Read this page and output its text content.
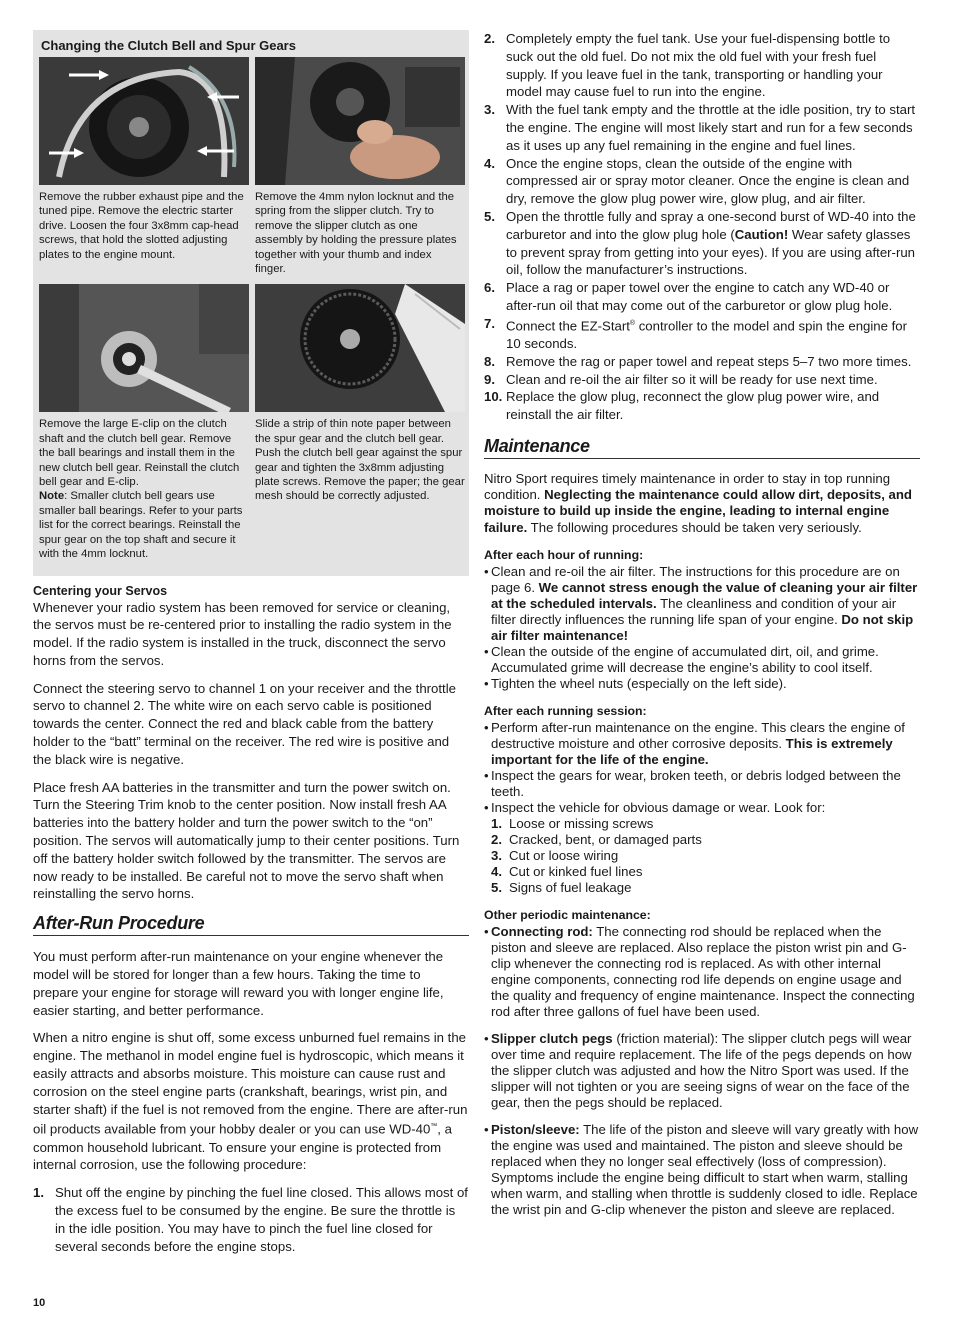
Changing the Clutch Bell and Spur Gears
Remove the rubber exhaust pipe and the tuned pipe. Remove the electric starter drive. Loosen the four 3x8mm cap-head screws, that hold the slotted adjusting plates to the engine mount.
Remove the 4mm nylon locknut and the spring from the slipper clutch. Try to remove the slipper clutch as one assembly by holding the pressure plates together with your thumb and index finger.
Remove the large E-clip on the clutch shaft and the clutch bell gear. Remove the ball bearings and install them in the new clutch bell gear. Reinstall the clutch bell gear and E-clip.
Note: Smaller clutch bell gears use smaller ball bearings. Refer to your parts list for the correct bearings. Reinstall the spur gear on the top shaft and secure it with the 4mm locknut.
Slide a strip of thin note paper between the spur gear and the clutch bell gear. Push the clutch bell gear against the spur gear and tighten the 3x8mm adjusting plate screws. Remove the paper; the gear mesh should be correctly adjusted.
Centering your Servos

Whenever your radio system has been removed for service or cleaning, the servos must be re-centered prior to installing the radio system in the model. If the radio system is installed in the truck, disconnect the servo horns from the servos.

Connect the steering servo to channel 1 on your receiver and the throttle servo to channel 2. The white wire on each servo cable is positioned towards the center. Connect the red and black cable from the battery holder to the “batt” terminal on the receiver. The red wire is positive and the black wire is negative.

Place fresh AA batteries in the transmitter and turn the power switch on. Turn the Steering Trim knob to the center position. Now install fresh AA batteries into the battery holder and turn the power switch to the “on” position. The servos will automatically jump to their center positions. Turn off the battery holder switch followed by the transmitter. The servos are now ready to be installed. Be careful not to move the servo shaft when reinstalling the servo horns.

After-Run Procedure

You must perform after-run maintenance on your engine whenever the model will be stored for longer than a few hours. Taking the time to prepare your engine for storage will reward you with longer engine life, easier starting, and better performance.

When a nitro engine is shut off, some excess unburned fuel remains in the engine. The methanol in model engine fuel is hydroscopic, which means it easily attracts and absorbs moisture. This moisture can cause rust and corrosion on the steel engine parts (crankshaft, bearings, wrist pin, and starter shaft) if the fuel is not removed from the engine. There are after-run oil products available from your hobby dealer or you can use WD-40™, a common household lubricant. To ensure your engine is protected from internal corrosion, use the following procedure:

1. Shut off the engine by pinching the fuel line closed. This allows most of the excess fuel to be consumed by the engine. Be sure the throttle is in the idle position. You may have to pinch the fuel line closed for several seconds before the engine stops.
2. Completely empty the fuel tank. Use your fuel-dispensing bottle to suck out the old fuel. Do not mix the old fuel with your fresh fuel supply. If you leave fuel in the tank, transporting or handling your model may cause fuel to run into the engine.
3. With the fuel tank empty and the throttle at the idle position, try to start the engine. The engine will most likely start and run for a few seconds as it uses up any fuel remaining in the engine and fuel lines.
4. Once the engine stops, clean the outside of the engine with compressed air or spray motor cleaner. Once the engine is clean and dry, remove the glow plug power wire, glow plug, and air filter.
5. Open the throttle fully and spray a one-second burst of WD-40 into the carburetor and into the glow plug hole (Caution! Wear safety glasses to prevent spray from getting into your eyes). If you are using after-run oil, follow the manufacturer’s instructions.
6. Place a rag or paper towel over the engine to catch any WD-40 or after-run oil that may come out of the carburetor or glow plug hole.
7. Connect the EZ-Start® controller to the model and spin the engine for 10 seconds.
8. Remove the rag or paper towel and repeat steps 5–7 two more times.
9. Clean and re-oil the air filter so it will be ready for use next time.
10. Replace the glow plug, reconnect the glow plug power wire, and reinstall the air filter.
Maintenance

Nitro Sport requires timely maintenance in order to stay in top running condition. Neglecting the maintenance could allow dirt, deposits, and moisture to build up inside the engine, leading to internal engine failure. The following procedures should be taken very seriously.

After each hour of running:
• Clean and re-oil the air filter. The instructions for this procedure are on page 6. We cannot stress enough the value of cleaning your air filter at the scheduled intervals. The cleanliness and condition of your air filter directly influences the running life span of your engine. Do not skip air filter maintenance!
• Clean the outside of the engine of accumulated dirt, oil, and grime. Accumulated grime will decrease the engine’s ability to cool itself.
• Tighten the wheel nuts (especially on the left side).
After each running session:
• Perform after-run maintenance on the engine. This clears the engine of destructive moisture and other corrosive deposits. This is extremely important for the life of the engine.
• Inspect the gears for wear, broken teeth, or debris lodged between the teeth.
• Inspect the vehicle for obvious damage or wear. Look for:
1. Loose or missing screws
2. Cracked, bent, or damaged parts
3. Cut or loose wiring
4. Cut or kinked fuel lines
5. Signs of fuel leakage
Other periodic maintenance:
• Connecting rod: The connecting rod should be replaced when the piston and sleeve are replaced. Also replace the piston wrist pin and G-clip whenever the connecting rod is replaced. As with other internal engine components, connecting rod life depends on engine usage and the quality and frequency of engine maintenance. Inspect the connecting rod after three gallons of fuel have been used.
• Slipper clutch pegs (friction material): The slipper clutch pegs will wear over time and require replacement. The life of the pegs depends on how the slipper clutch was adjusted and how the Nitro Sport was used. If the slipper will not tighten or you are seeing signs of wear on the face of the gear, then the pegs should be replaced.
• Piston/sleeve: The life of the piston and sleeve will vary greatly with how the engine was used and maintained. The piston and sleeve should be replaced when they no longer seal effectively (loss of compression). Symptoms include the engine being difficult to start when warm, stalling when warm, and stalling when throttle is suddenly closed to idle. Replace the wrist pin and G-clip whenever the piston and sleeve are replaced.
10
